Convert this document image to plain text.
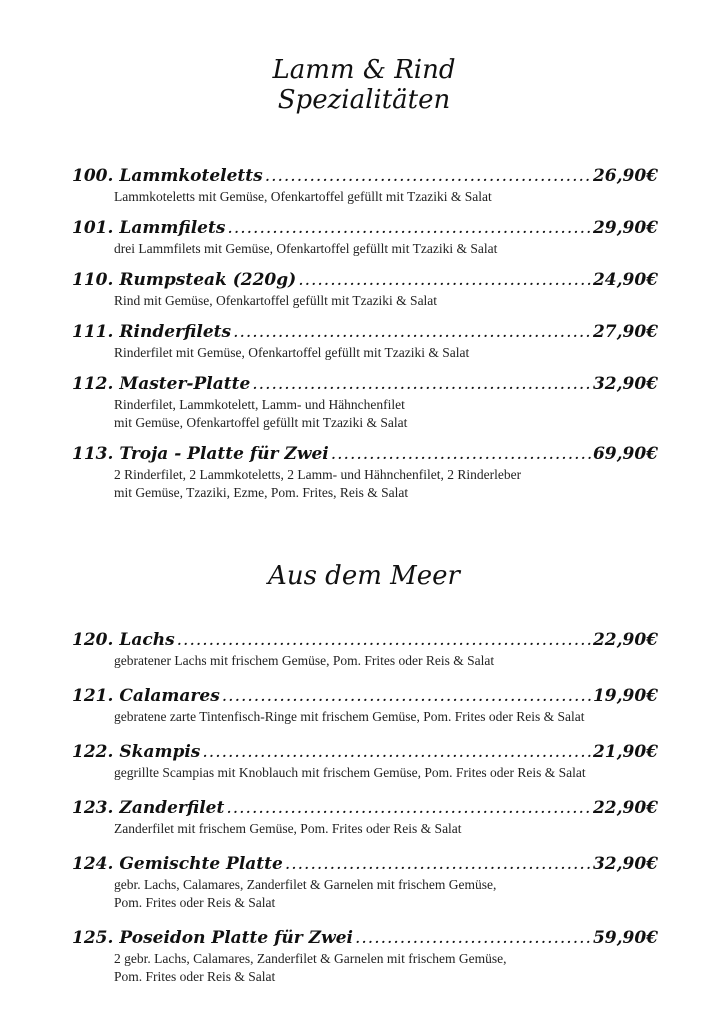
Lamm & Rind
Spezialitäten
100. Lammkoteletts .....	26,90€
Lammkoteletts mit Gemüse, Ofenkartoffel gefüllt mit Tzaziki & Salat
101. Lammfilets .....	29,90€
drei Lammfilets mit Gemüse, Ofenkartoffel gefüllt mit Tzaziki & Salat
110. Rumpsteak (220g) .....	24,90€
Rind mit Gemüse, Ofenkartoffel gefüllt mit Tzaziki & Salat
111. Rinderfilets .....	27,90€
Rinderfilet mit Gemüse, Ofenkartoffel gefüllt mit Tzaziki & Salat
112. Master-Platte .....	32,90€
Rinderfilet, Lammkotelett, Lamm- und Hähnchenfilet
mit Gemüse, Ofenkartoffel gefüllt mit Tzaziki & Salat
113. Troja - Platte für Zwei .....	69,90€
2 Rinderfilet, 2 Lammkoteletts, 2 Lamm- und Hähnchenfilet, 2 Rinderleber
mit Gemüse, Tzaziki, Ezme, Pom. Frites, Reis & Salat
Aus dem Meer
120. Lachs .....	22,90€
gebratener Lachs mit frischem Gemüse, Pom. Frites oder Reis & Salat
121. Calamares .....	19,90€
gebratene zarte Tintenfisch-Ringe mit frischem Gemüse, Pom. Frites oder Reis & Salat
122. Skampis .....	21,90€
gegrillte Scampias mit Knoblauch mit frischem Gemüse, Pom. Frites oder Reis & Salat
123. Zanderfilet .....	22,90€
Zanderfilet mit frischem Gemüse, Pom. Frites oder Reis & Salat
124. Gemischte Platte .....	32,90€
gebr. Lachs, Calamares, Zanderfilet & Garnelen mit frischem Gemüse,
Pom. Frites oder Reis & Salat
125. Poseidon Platte für Zwei .....	59,90€
2 gebr. Lachs, Calamares, Zanderfilet & Garnelen mit frischem Gemüse,
Pom. Frites oder Reis & Salat
